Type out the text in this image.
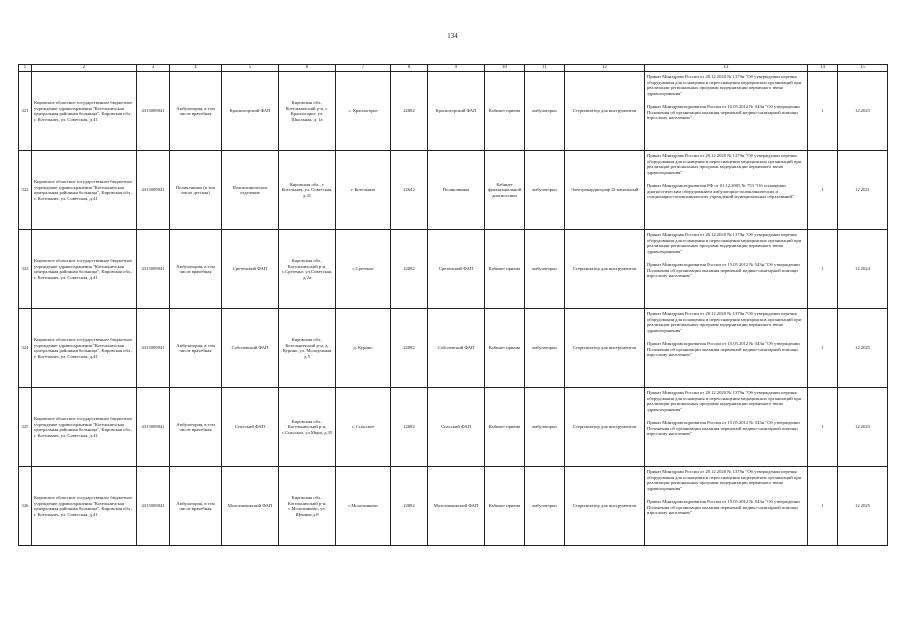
134
1	2	3	4	5	6	7	8	9	10	11	12	13	14	15
321	Кировское областное государственное бюджетное учреждение здравоохранения "Котельничская центральная районная больница", Кировская обл., г. Котельнич, ул. Советская, д.41	4313009841	Амбулатория, в том числе врачебная	Красногорский ФАП	Кировская обл., Котельничский р-н, с. Красногорье, ул. Школьная, д. 1а	с. Красногорье	22882	Красногорский ФАП	Кабинет приема	амбулаторно	Стерилизатор для инструментов	Приказ Минздрава России от 28.12.2020 № 1379н "Об утверждении перечня оборудования для оснащения и переоснащения медицинских организаций при реализации региональных программ модернизации первичного звена здравоохранения"
Приказ Минздравсоцразвития России от 15.05.2012 № 543н "Об утверждении Положения об организации оказания первичной медико-санитарной помощи взрослому населению"	1	12.2023
322	Кировское областное государственное бюджетное учреждение здравоохранения "Котельничская центральная районная больница", Кировская обл., г. Котельнич, ул. Советская, д.41	4313009841	Поликлиника (в том числе детская)	Поликлиническое отделение	Кировская обл., г. Котельнич, ул. Советская, д.41	г. Котельнич	22642	Поликлиника	Кабинет функциональной диагностики	амбулаторно	Электрокардиограф 12-канальный	Приказ Минздрава России от 28.12.2020 № 1379н "Об утверждении перечня оборудования для оснащения и переоснащения медицинских организаций при реализации региональных программ модернизации первичного звена здравоохранения"
Приказ Минздравсоцразвития РФ от 01.12.2005 № 753 "Об оснащении диагностическим оборудованием амбулаторно-поликлинических и стационарно-поликлинических учреждений муниципальных образований"	1	12.2021
323	Кировское областное государственное бюджетное учреждение здравоохранения "Котельничская центральная районная больница", Кировская обл., г. Котельнич, ул. Советская, д.41	4313009841	Амбулатория, в том числе врачебная	Сретенский ФАП	Кировская обл., Котельничский р-н, с.Сретенье, ул.Советская, д.2а	с.Сретенье	22882	Сретенский ФАП	Кабинет приема	амбулаторно	Стерилизатор для инструментов	Приказ Минздрава России от 28.12.2020 № 1379н "Об утверждении перечня оборудования для оснащения и переоснащения медицинских организаций при реализации региональных программ модернизации первичного звена здравоохранения"
Приказ Минздравсоцразвития России от 15.05.2012 № 543н "Об утверждении Положения об организации оказания первичной медико-санитарной помощи взрослому населению"	1	12.2024
324	Кировское областное государственное бюджетное учреждение здравоохранения "Котельничская центральная районная больница", Кировская обл., г. Котельнич, ул. Советская, д.41	4313009841	Амбулатория, в том числе врачебная	Соболевский ФАП	Кировская обл., Котельничский р-н, д. Курино, ул. Молодежная д.5	д. Курино	22882	Соболевский ФАП	Кабинет приема	амбулаторно	Стерилизатор для инструментов	Приказ Минздрава России от 28.12.2020 № 1379н "Об утверждении перечня оборудования для оснащения и переоснащения медицинских организаций при реализации региональных программ модернизации первичного звена здравоохранения"
Приказ Минздравсоцразвития России от 15.05.2012 № 543н "Об утверждении Положения об организации оказания первичной медико-санитарной помощи взрослому населению"	1	12.2025
325	Кировское областное государственное бюджетное учреждение здравоохранения "Котельничская центральная районная больница", Кировская обл., г. Котельнич, ул. Советская, д.41	4313009841	Амбулатория, в том числе врачебная	Спасский ФАП	Кировская обл., Котельничский р-н, с.Спасское, ул.Мира, д.35	с. Спасское	22882	Спасский ФАП	Кабинет приема	амбулаторно	Стерилизатор для инструментов	Приказ Минздрава России от 28.12.2020 № 1379н "Об утверждении перечня оборудования для оснащения и переоснащения медицинских организаций при реализации региональных программ модернизации первичного звена здравоохранения"
Приказ Минздравсоцразвития России от 15.05.2012 № 543н "Об утверждении Положения об организации оказания первичной медико-санитарной помощи взрослому населению"	1	12.2023
326	Кировское областное государственное бюджетное учреждение здравоохранения "Котельничская центральная районная больница", Кировская обл., г. Котельнич, ул. Советская, д.41	4313009841	Амбулатория, в том числе врачебная	Молотниковский ФАП	Кировская обл., Котельничский р-н, с.Молотниково, ул. Щенина д.8	с.Молотниково	22882	Молотниковский ФАП	Кабинет приема	амбулаторно	Стерилизатор для инструментов	Приказ Минздрава России от 28.12.2020 № 1379н "Об утверждении перечня оборудования для оснащения и переоснащения медицинских организаций при реализации региональных программ модернизации первичного звена здравоохранения"
Приказ Минздравсоцразвития России от 15.05.2012 № 543н "Об утверждении Положения об организации оказания первичной медико-санитарной помощи взрослому населению"	1	12.2025
